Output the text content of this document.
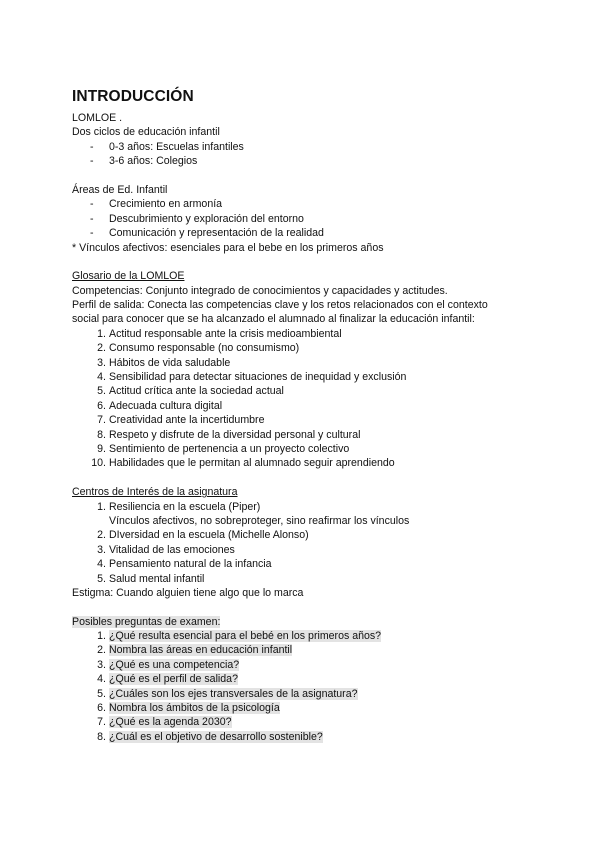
INTRODUCCIÓN
LOMLOE .
Dos ciclos de educación infantil
- 0-3 años: Escuelas infantiles
- 3-6 años: Colegios
Áreas de Ed. Infantil
- Crecimiento en armonía
- Descubrimiento y exploración del entorno
- Comunicación y representación de la realidad
* Vínculos afectivos: esenciales para el bebe en los primeros años
Glosario de la LOMLOE
Competencias: Conjunto integrado de conocimientos y capacidades y actitudes.
Perfil de salida: Conecta las competencias clave y los retos relacionados con el contexto
social para conocer que se ha alcanzado el alumnado al finalizar la educación infantil:
1. Actitud responsable ante la crisis medioambiental
2. Consumo responsable (no consumismo)
3. Hábitos de vida saludable
4. Sensibilidad para detectar situaciones de inequidad y exclusión
5. Actitud crítica ante la sociedad actual
6. Adecuada cultura digital
7. Creatividad ante la incertidumbre
8. Respeto y disfrute de la diversidad personal y cultural
9. Sentimiento de pertenencia a un proyecto colectivo
10. Habilidades que le permitan al alumnado seguir aprendiendo
Centros de Interés de la asignatura
1. Resiliencia en la escuela (Piper)
Vínculos afectivos, no sobreproteger, sino reafirmar los vínculos
2. DIversidad en la escuela (Michelle Alonso)
3. Vitalidad de las emociones
4. Pensamiento natural de la infancia
5. Salud mental infantil
Estigma: Cuando alguien tiene algo que lo marca
Posibles preguntas de examen:
1. ¿Qué resulta esencial para el bebé en los primeros años?
2. Nombra las áreas en educación infantil
3. ¿Qué es una competencia?
4. ¿Qué es el perfil de salida?
5. ¿Cuáles son los ejes transversales de la asignatura?
6. Nombra los ámbitos de la psicología
7. ¿Qué es la agenda 2030?
8. ¿Cuál es el objetivo de desarrollo sostenible?
